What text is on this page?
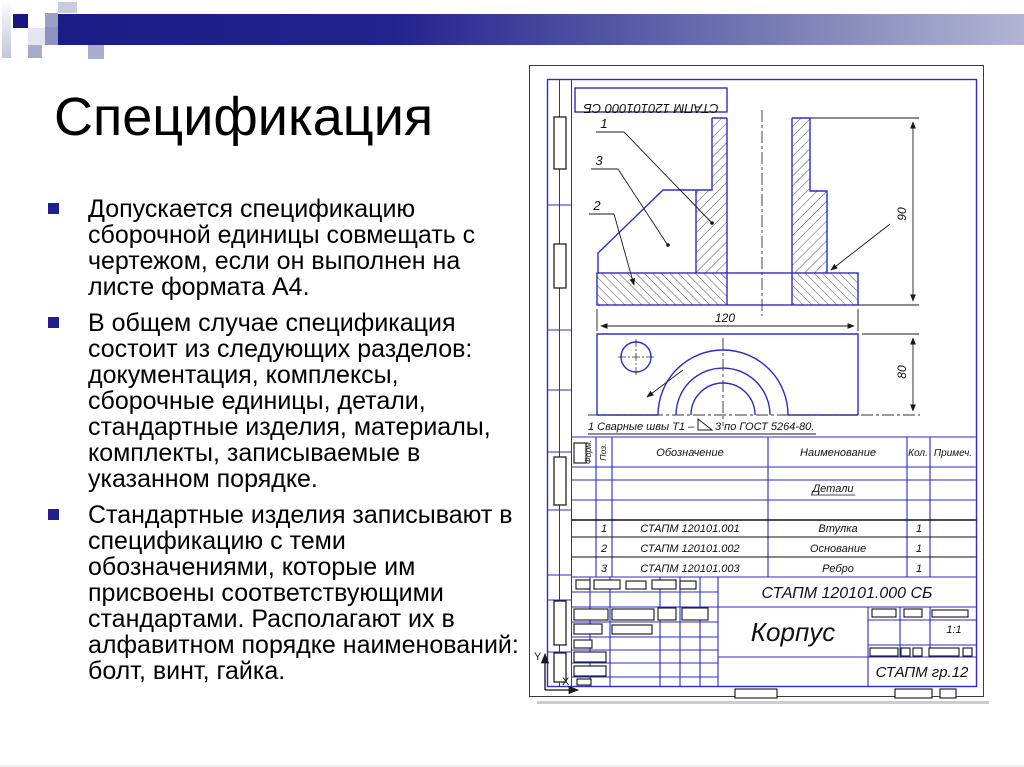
Спецификация
Допускается спецификацию сборочной единицы совмещать с чертежом, если он выполнен на листе формата А4.
В общем случае спецификация состоит из следующих разделов: документация, комплексы, сборочные единицы, детали, стандартные изделия, материалы, комплекты, записываемые в указанном порядке.
Стандартные изделия записывают в спецификацию с теми обозначениями, которые им присвоены соответствующими стандартами. Располагают их в алфавитном порядке наименований: болт, винт, гайка.
СТАПМ 120101000 СБ
1
3
2
90
120
80
1 Сварные швы Т1 – 3 по ГОСТ 5264-80.
Форм. Поз.	Обозначение	Наименование	Кол. Примеч.
Детали
1	СТАПМ 120101.001	Втулка	1
2	СТАПМ 120101.002	Основание	1
3	СТАПМ 120101.003	Ребро	1
СТАПМ 120101.000 СБ
Корпус	1:1
СТАПМ гр.12
Y
X
